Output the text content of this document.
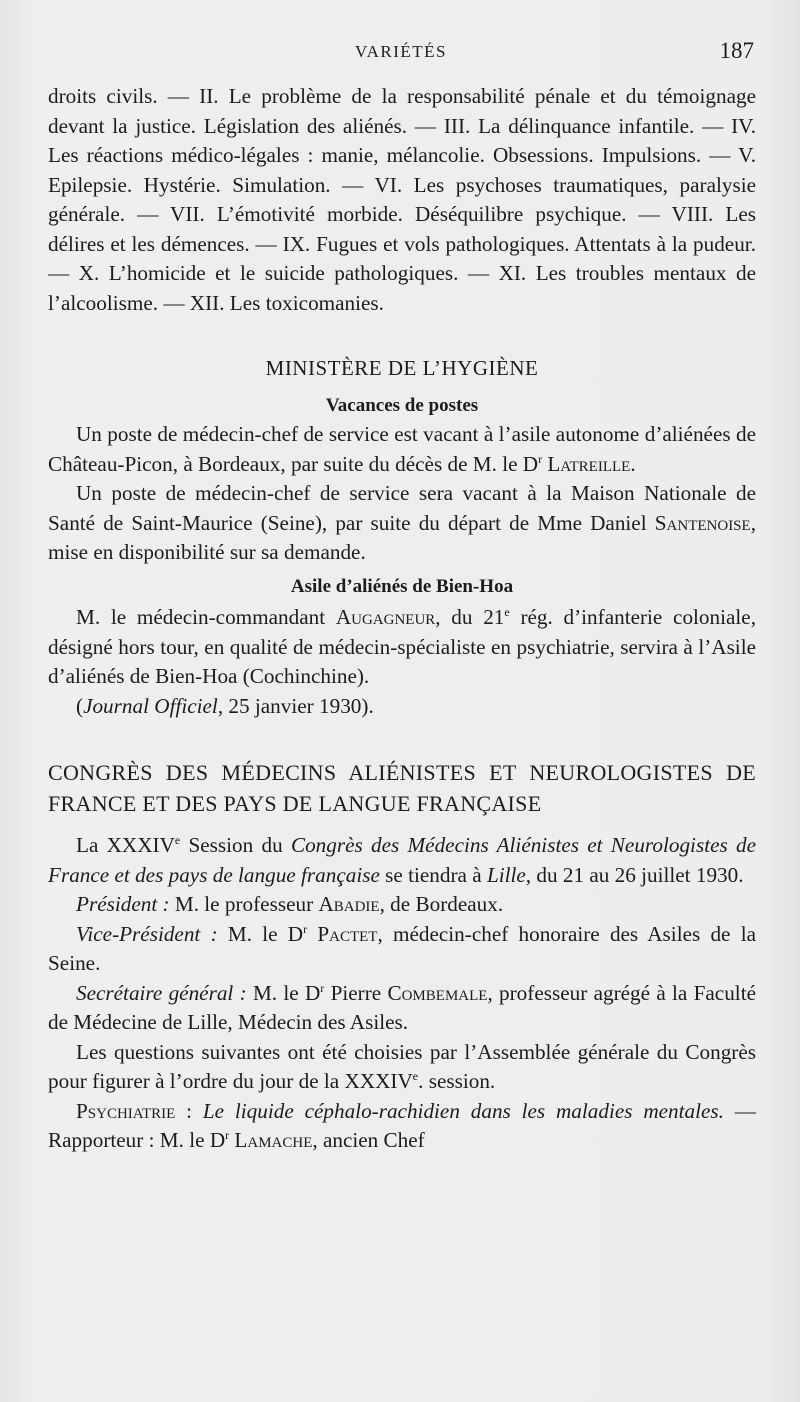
VARIÉTÉS	187

droits civils. — II. Le problème de la responsabilité pénale et du témoignage devant la justice. Législation des aliénés. — III. La délinquance infantile. — IV. Les réactions médico-légales : manie, mélancolie. Obsessions. Impulsions. — V. Epilepsie. Hystérie. Simulation. — VI. Les psychoses traumatiques, paralysie générale. — VII. L’émotivité morbide. Déséquilibre psychique. — VIII. Les délires et les démences. — IX. Fugues et vols pathologiques. Attentats à la pudeur. — X. L’homicide et le suicide pathologiques. — XI. Les troubles mentaux de l’alcoolisme. — XII. Les toxicomanies.

MINISTÈRE DE L’HYGIÈNE

Vacances de postes

Un poste de médecin-chef de service est vacant à l’asile autonome d’aliénées de Château-Picon, à Bordeaux, par suite du décès de M. le $D^r$ Latreille.

Un poste de médecin-chef de service sera vacant à la Maison Nationale de Santé de Saint-Maurice (Seine), par suite du départ de Mme Daniel Santenoise, mise en disponibilité sur sa demande.

Asile d’aliénés de Bien-Hoa

M. le médecin-commandant Augagneur, du 21e rég. d’infanterie coloniale, désigné hors tour, en qualité de médecin-spécialiste en psychiatrie, servira à l’Asile d’aliénés de Bien-Hoa (Cochinchine).

(Journal Officiel, 25 janvier 1930).

CONGRÈS DES MÉDECINS ALIÉNISTES ET NEUROLOGISTES DE FRANCE ET DES PAYS DE LANGUE FRANÇAISE

La XXXIVe Session du Congrès des Médecins Aliénistes et Neurologistes de France et des pays de langue française se tiendra à Lille, du 21 au 26 juillet 1930.

Président : M. le professeur Abadie, de Bordeaux.

Vice-Président : M. le $D^r$ Pactet, médecin-chef honoraire des Asiles de la Seine.

Secrétaire général : M. le $D^r$ Pierre Combemale, professeur agrégé à la Faculté de Médecine de Lille, Médecin des Asiles.

Les questions suivantes ont été choisies par l’Assemblée générale du Congrès pour figurer à l’ordre du jour de la XXXIVe. session.

Psychiatrie : Le liquide céphalo-rachidien dans les maladies mentales. — Rapporteur : M. le $D^r$ Lamache, ancien Chef
